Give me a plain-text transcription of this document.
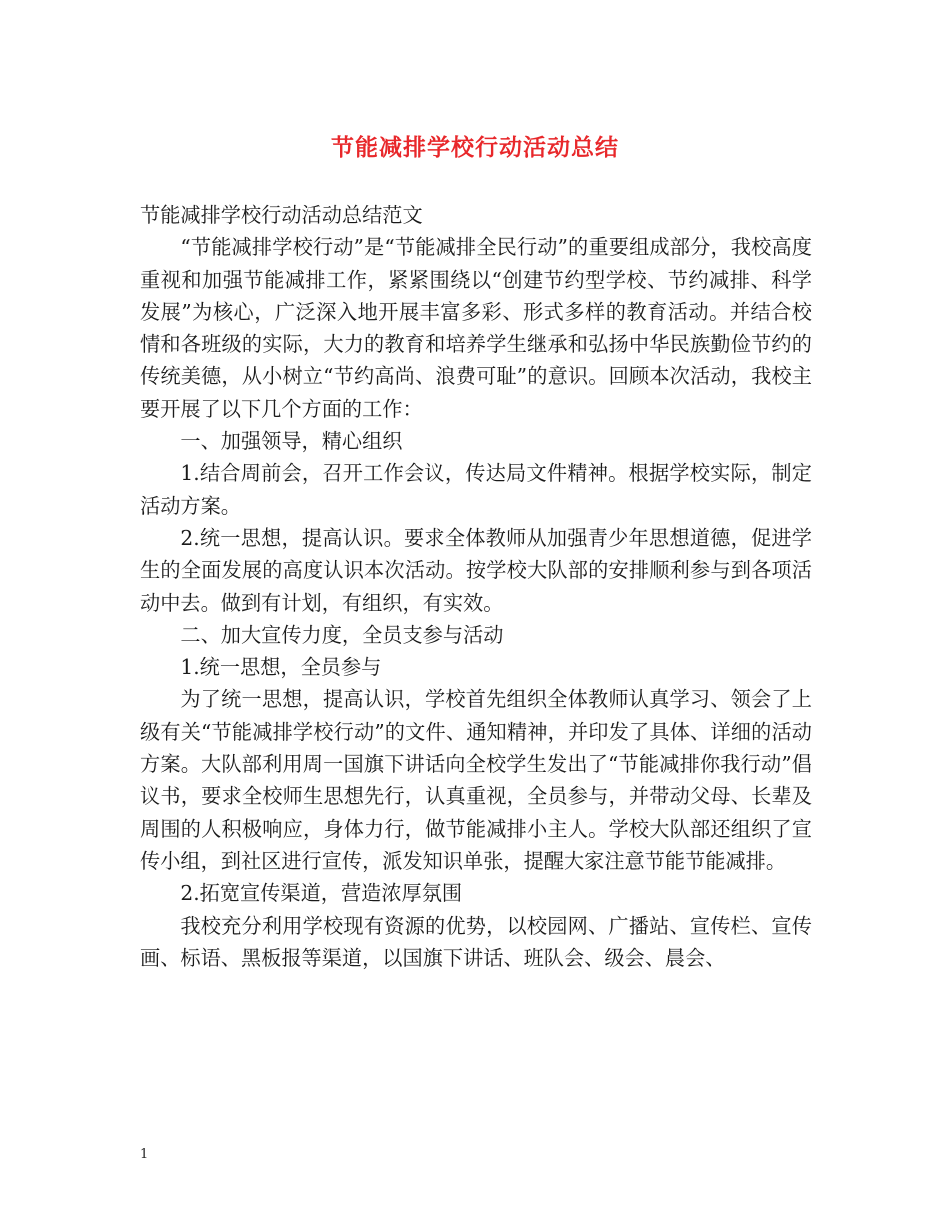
节能减排学校行动活动总结

节能减排学校行动活动总结范文

“节能减排学校行动”是“节能减排全民行动”的重要组成部分，我校高度重视和加强节能减排工作，紧紧围绕以“创建节约型学校、节约减排、科学发展”为核心，广泛深入地开展丰富多彩、形式多样的教育活动。并结合校情和各班级的实际，大力的教育和培养学生继承和弘扬中华民族勤俭节约的传统美德，从小树立“节约高尚、浪费可耻”的意识。回顾本次活动，我校主要开展了以下几个方面的工作：

一、加强领导，精心组织

1.结合周前会，召开工作会议，传达局文件精神。根据学校实际，制定活动方案。

2.统一思想，提高认识。要求全体教师从加强青少年思想道德，促进学生的全面发展的高度认识本次活动。按学校大队部的安排顺利参与到各项活动中去。做到有计划，有组织，有实效。

二、加大宣传力度，全员支参与活动

1.统一思想，全员参与

为了统一思想，提高认识，学校首先组织全体教师认真学习、领会了上级有关“节能减排学校行动”的文件、通知精神，并印发了具体、详细的活动方案。大队部利用周一国旗下讲话向全校学生发出了“节能减排你我行动”倡议书，要求全校师生思想先行，认真重视，全员参与，并带动父母、长辈及周围的人积极响应，身体力行，做节能减排小主人。学校大队部还组织了宣传小组，到社区进行宣传，派发知识单张，提醒大家注意节能节能减排。

2.拓宽宣传渠道，营造浓厚氛围

我校充分利用学校现有资源的优势，以校园网、广播站、宣传栏、宣传画、标语、黑板报等渠道，以国旗下讲话、班队会、级会、晨会、

1
